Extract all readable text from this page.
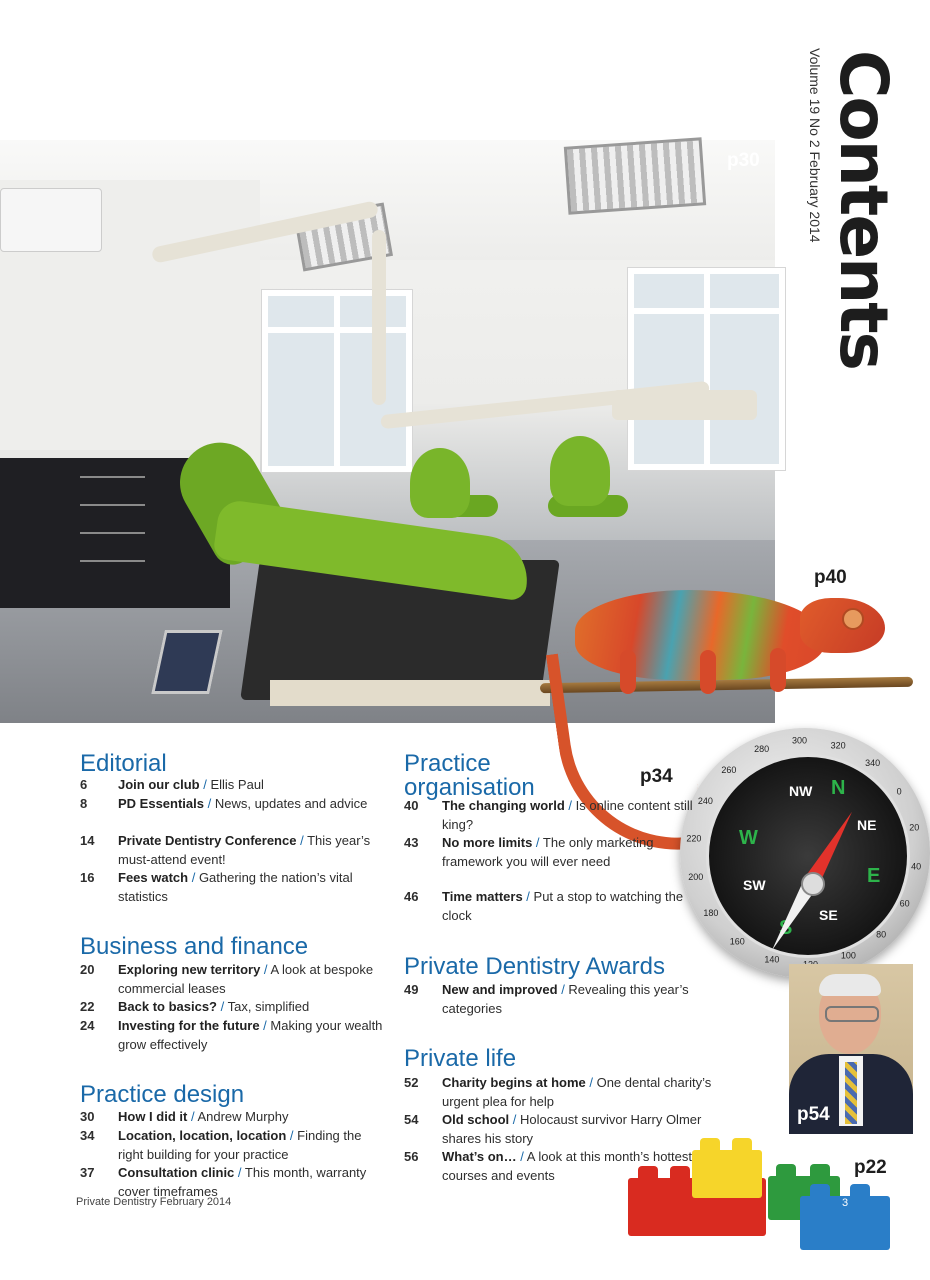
Contents
Volume 19 No 2 February 2014
p30
p40
p34
NW N
NE
W
E
SW
SE
S
320
340
0
20
40
60
80
100
140
160
180
200
220
240
260
280
300
p54
p22
Editorial
6	Join our club / Ellis Paul
8	PD Essentials / News, updates and advice
14	Private Dentistry Conference / This year’s must-attend event!
16	Fees watch / Gathering the nation’s vital statistics
Business and finance
20	Exploring new territory / A look at bespoke commercial leases
22	Back to basics? / Tax, simplified
24	Investing for the future / Making your wealth grow effectively
Practice design
30	How I did it / Andrew Murphy
34	Location, location, location / Finding the right building for your practice
37	Consultation clinic / This month, warranty cover timeframes
Practice
organisation
40	The changing world / Is online content still king?
43	No more limits / The only marketing framework you will ever need
46	Time matters / Put a stop to watching the clock
Private Dentistry Awards
49	New and improved / Revealing this year’s categories
Private life
52	Charity begins at home / One dental charity’s urgent plea for help
54	Old school / Holocaust survivor Harry Olmer shares his story
56	What’s on… / A look at this month’s hottest courses and events
Private Dentistry February 2014	3
